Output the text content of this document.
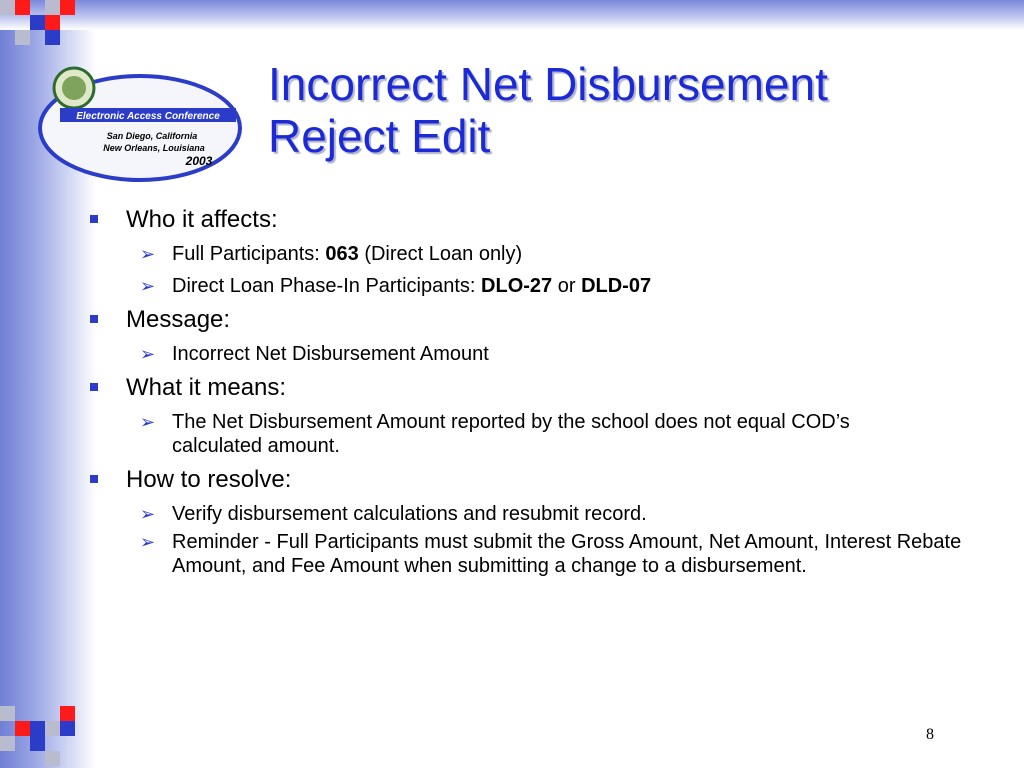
Electronic Access Conference
San Diego, California
New Orleans, Louisiana
2003
Incorrect Net Disbursement
Reject Edit
Who it affects:
➢ Full Participants: 063 (Direct Loan only)
➢ Direct Loan Phase-In Participants: DLO-27 or DLD-07
Message:
➢ Incorrect Net Disbursement Amount
What it means:
➢ The Net Disbursement Amount reported by the school does not equal COD’s calculated amount.
How to resolve:
➢ Verify disbursement calculations and resubmit record.
➢ Reminder - Full Participants must submit the Gross Amount, Net Amount, Interest Rebate Amount, and Fee Amount when submitting a change to a disbursement.
8
